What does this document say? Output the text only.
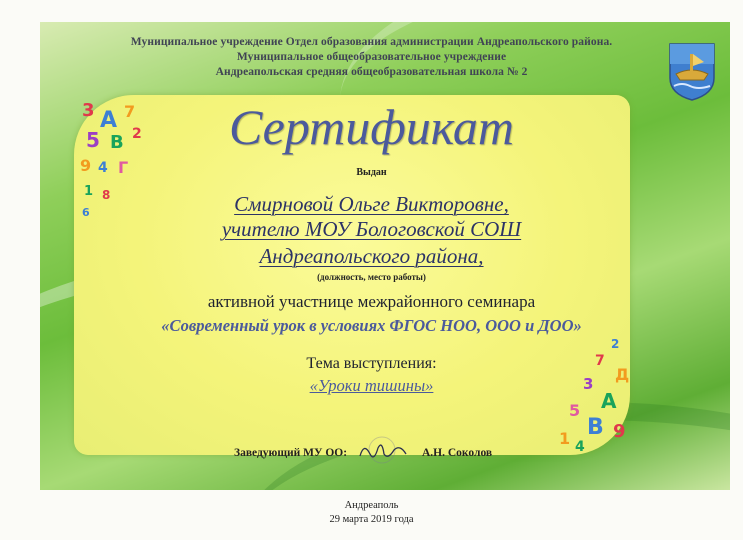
3 A 7
5 B 2
9 4 Г
1 8
6
2
7
Д
3
А
5
В 9
1 4
Муниципальное учреждение Отдел образования администрации Андреапольского района.
Муниципальное общеобразовательное учреждение
Андреапольская средняя общеобразовательная школа № 2
Сертификат
Выдан
Смирновой Ольге Викторовне,
учителю МОУ Бологовской СОШ
Андреапольского района,
(должность, место работы)
активной участнице межрайонного семинара
«Современный урок в условиях ФГОС НОО, ООО и ДОО»
Тема выступления:
«Уроки тишины»
Заведующий МУ ОО:	А.Н. Соколов
Андреаполь
29 марта 2019 года
